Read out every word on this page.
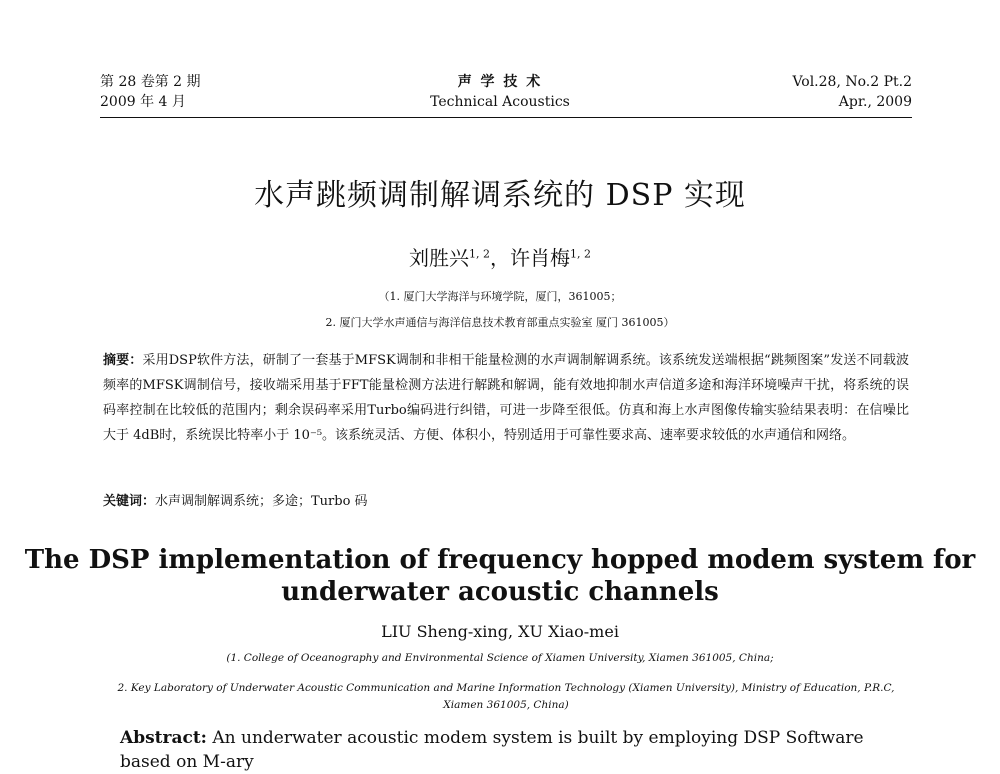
第 28 卷第 2 期
2009 年 4 月
声 学 技 术
Technical Acoustics
Vol.28, No.2 Pt.2
Apr., 2009
水声跳频调制解调系统的 DSP 实现
刘胜兴$^{1, 2}$，许肖梅$^{1, 2}$
（1. 厦门大学海洋与环境学院，厦门，361005；
2. 厦门大学水声通信与海洋信息技术教育部重点实验室 厦门 361005）
摘要：采用DSP软件方法，研制了一套基于MFSK调制和非相干能量检测的水声调制解调系统。该系统发送端根据“跳频图案”发送不同载波频率的MFSK调制信号，接收端采用基于FFT能量检测方法进行解跳和解调，能有效地抑制水声信道多途和海洋环境噪声干扰，将系统的误码率控制在比较低的范围内；剩余误码率采用Turbo编码进行纠错，可进一步降至很低。仿真和海上水声图像传输实验结果表明：在信噪比大于 4dB时，系统误比特率小于 10⁻⁵。该系统灵活、方便、体积小，特别适用于可靠性要求高、速率要求较低的水声通信和网络。
关键词：水声调制解调系统；多途；Turbo 码
The DSP implementation of frequency hopped modem system for underwater acoustic channels
LIU Sheng-xing, XU Xiao-mei
(1. College of Oceanography and Environmental Science of Xiamen University, Xiamen 361005, China;
2. Key Laboratory of Underwater Acoustic Communication and Marine Information Technology (Xiamen University), Ministry of Education, P.R.C, Xiamen 361005, China)
Abstract: An underwater acoustic modem system is built by employing DSP Software based on M-ary
